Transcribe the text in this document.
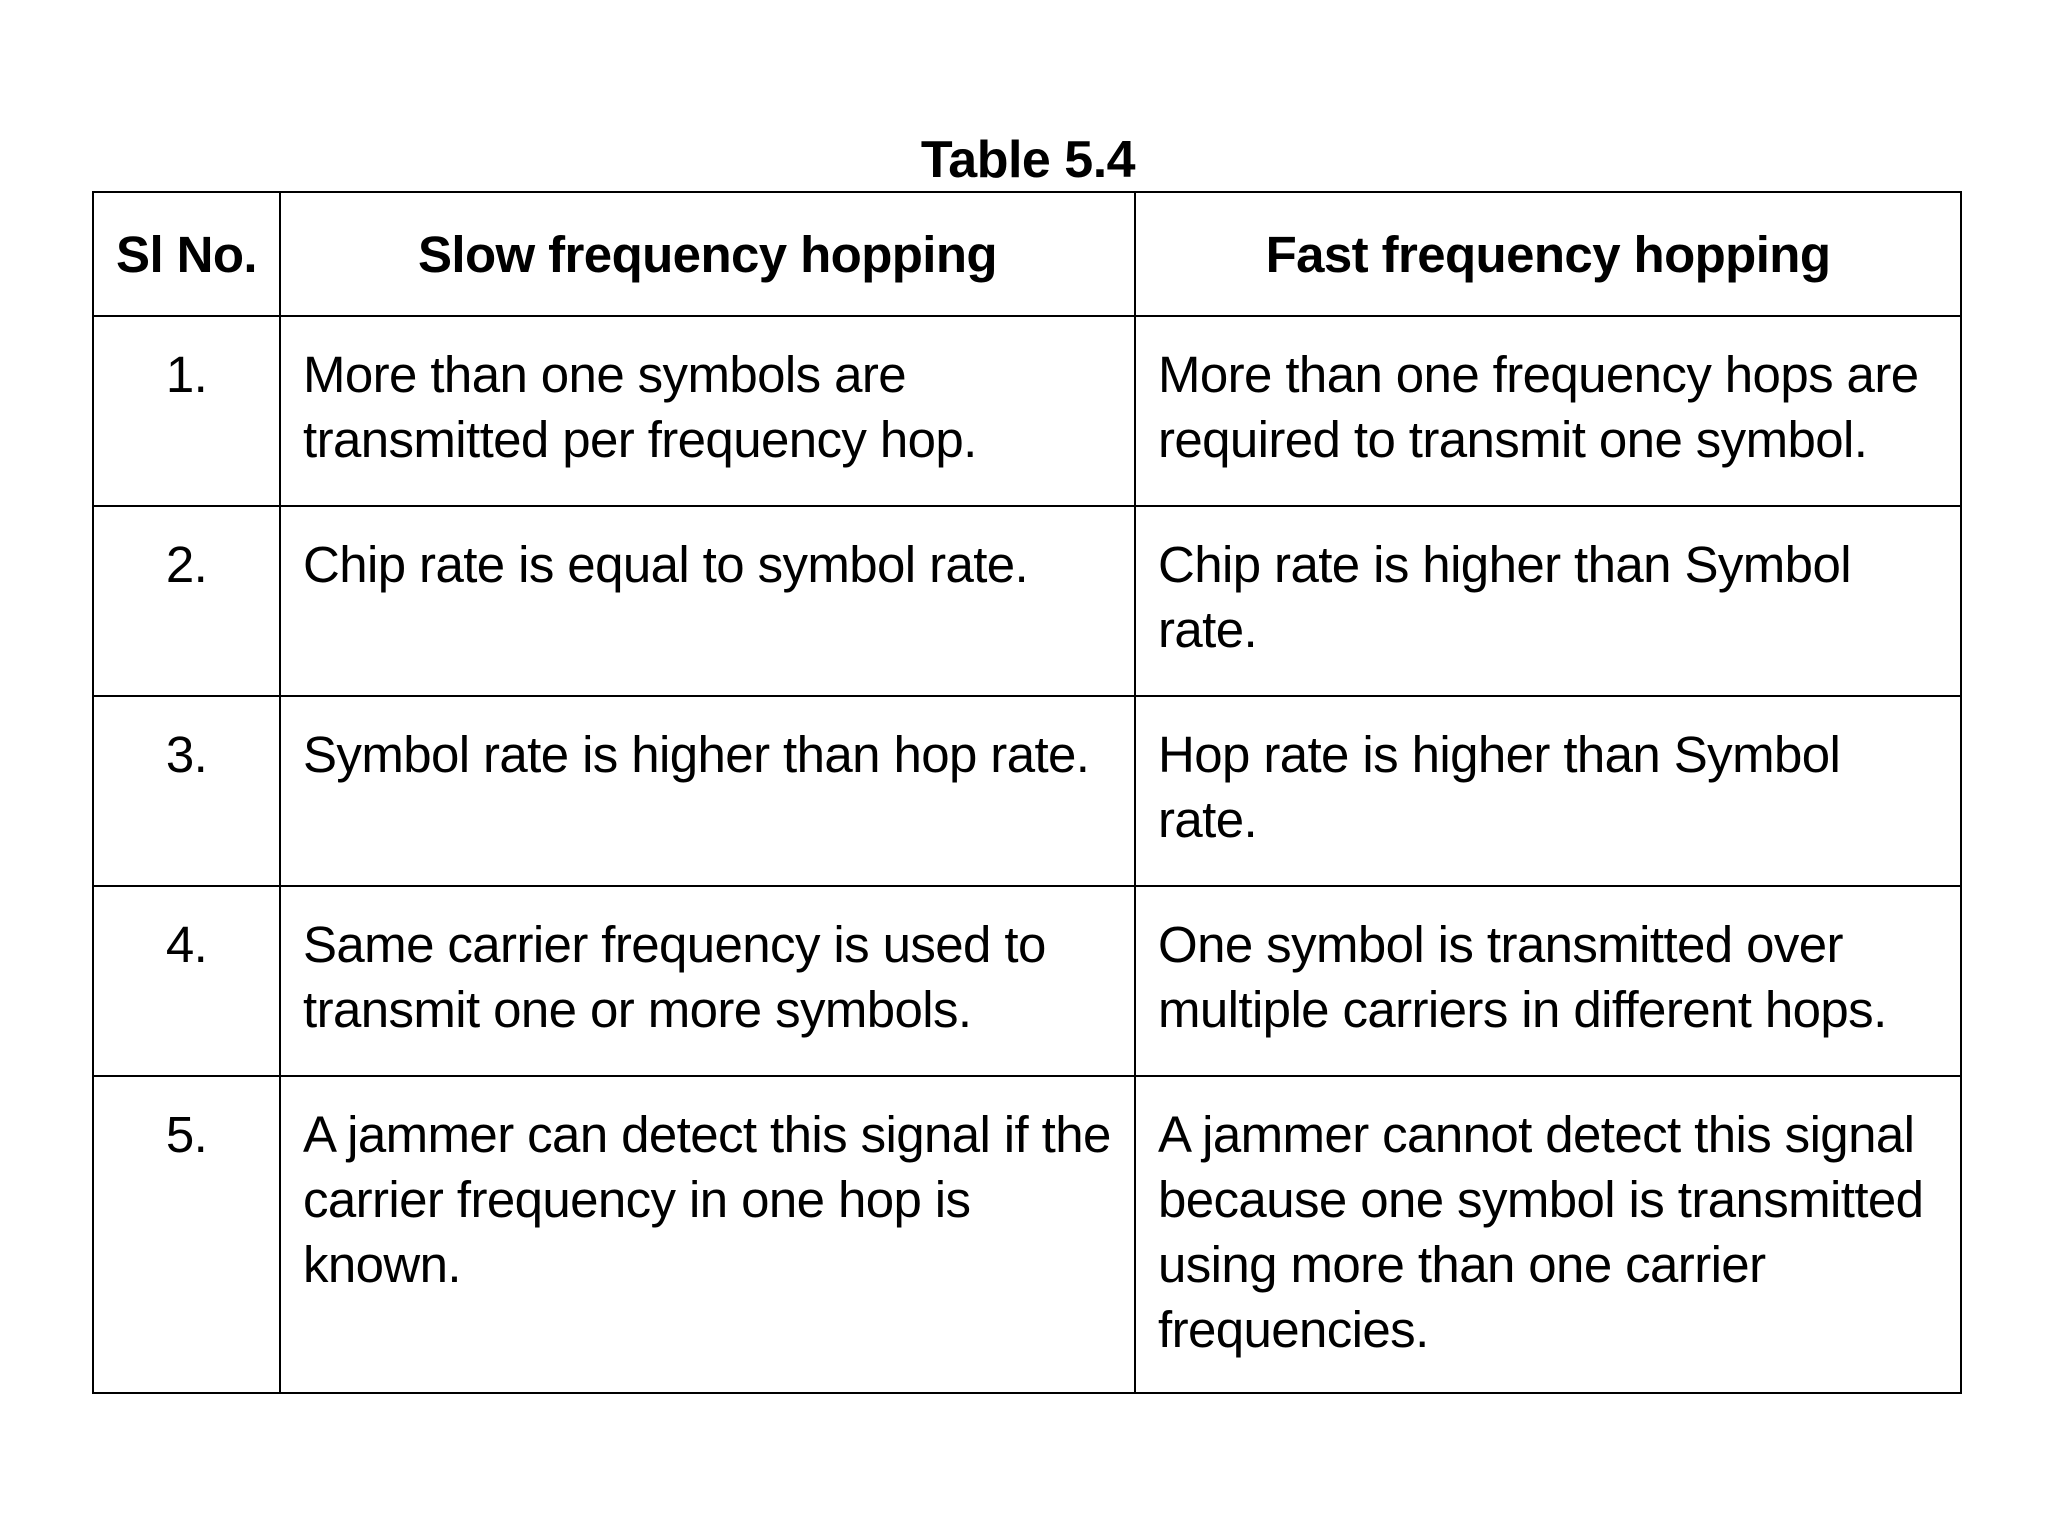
Table 5.4
Sl No.	Slow frequency hopping	Fast frequency hopping
1.	More than one symbols are transmitted per frequency hop.	More than one frequency hops are required to transmit one symbol.
2.	Chip rate is equal to symbol rate.	Chip rate is higher than Symbol rate.
3.	Symbol rate is higher than hop rate.	Hop rate is higher than Symbol rate.
4.	Same carrier frequency is used to transmit one or more symbols.	One symbol is transmitted over multiple carriers in different hops.
5.	A jammer can detect this signal if the carrier frequency in one hop is known.	A jammer cannot detect this signal because one symbol is transmitted using more than one carrier frequencies.
